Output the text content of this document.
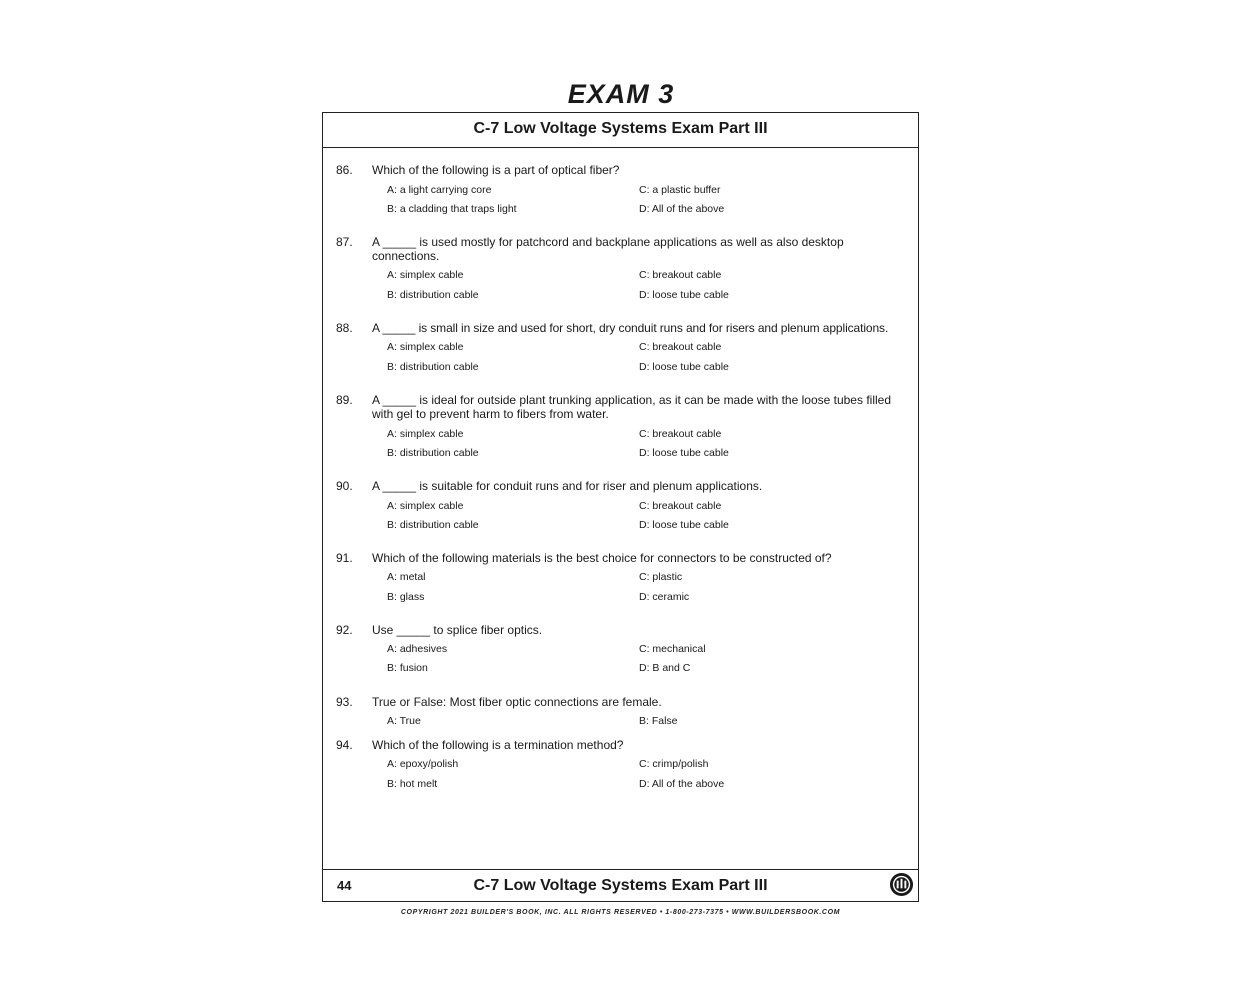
EXAM 3
C-7 Low Voltage Systems Exam Part III
44	C-7 Low Voltage Systems Exam Part III
COPYRIGHT 2021 BUILDER'S BOOK, INC. ALL RIGHTS RESERVED • 1-800-273-7375 • WWW.BUILDERSBOOK.COM
86. Which of the following is a part of optical fiber?
A: a light carrying core
B: a cladding that traps light
C: a plastic buffer
D: All of the above
87. A _____ is used mostly for patchcord and backplane applications as well as also desktop connections.
A: simplex cable
B: distribution cable
C: breakout cable
D: loose tube cable
88. A _____ is small in size and used for short, dry conduit runs and for risers and plenum applications.
A: simplex cable
B: distribution cable
C: breakout cable
D: loose tube cable
89. A _____ is ideal for outside plant trunking application, as it can be made with the loose tubes filled with gel to prevent harm to fibers from water.
A: simplex cable
B: distribution cable
C: breakout cable
D: loose tube cable
90. A _____ is suitable for conduit runs and for riser and plenum applications.
A: simplex cable
B: distribution cable
C: breakout cable
D: loose tube cable
91. Which of the following materials is the best choice for connectors to be constructed of?
A: metal
B: glass
C: plastic
D: ceramic
92. Use _____ to splice fiber optics.
A: adhesives
B: fusion
C: mechanical
D: B and C
93. True or False: Most fiber optic connections are female.
A: True	B: False
94. Which of the following is a termination method?
A: epoxy/polish
B: hot melt
C: crimp/polish
D: All of the above
